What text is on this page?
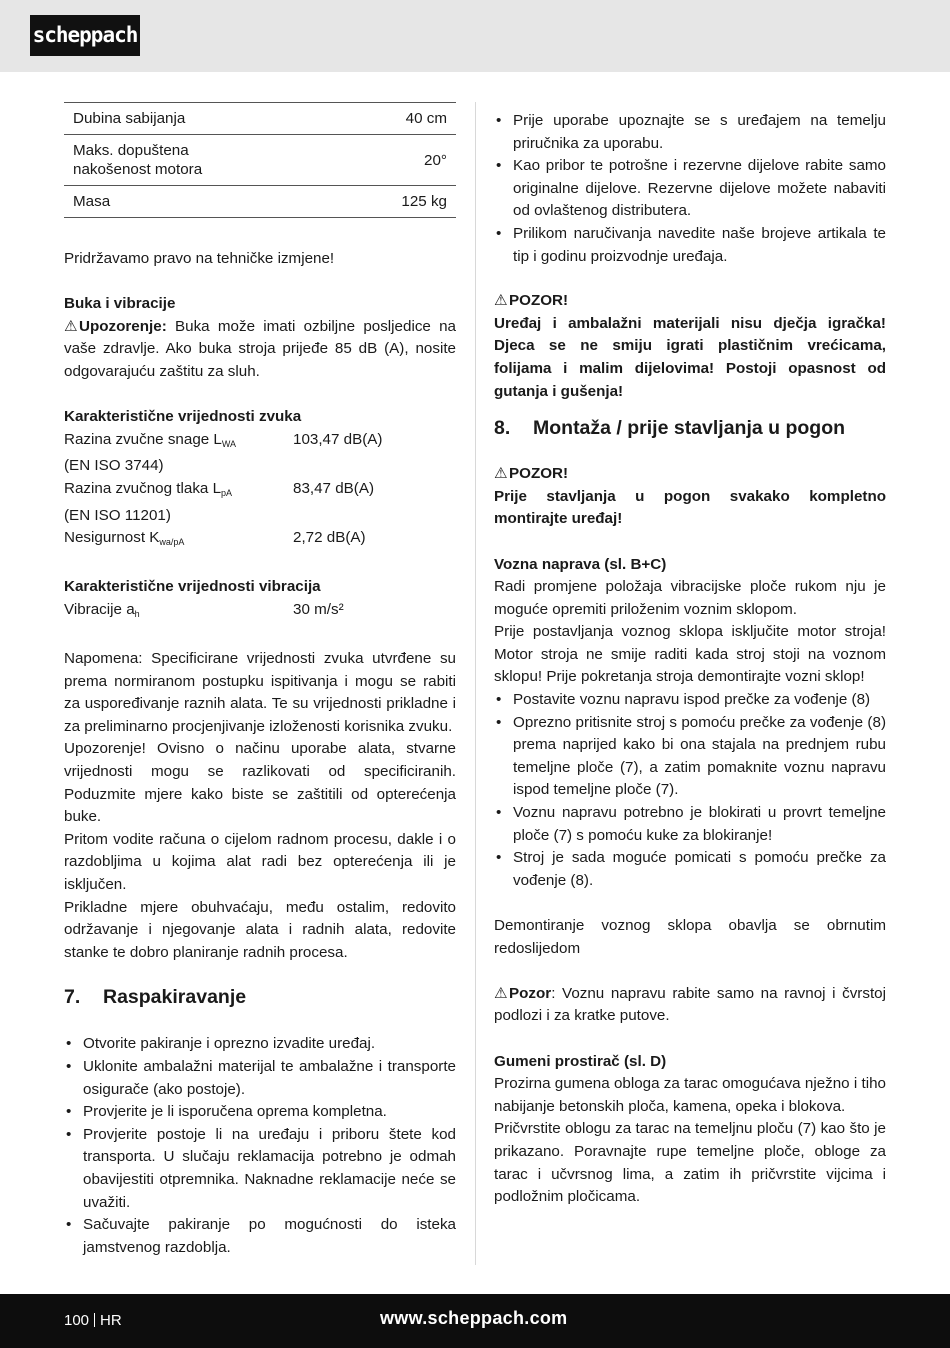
scheppach
Dubina sabijanja	40 cm
Maks. dopuštena nakošenost motora	20°
Masa	125 kg

Pridržavamo pravo na tehničke izmjene!

Buka i vibracije

⚠Upozorenje: Buka može imati ozbiljne posljedice na vaše zdravlje. Ako buka stroja prijeđe 85 dB (A), nosite odgovarajuću zaštitu za sluh.

Karakteristične vrijednosti zvuka

Razina zvučne snage $L_{WA}$	103,47 dB(A)

(EN ISO 3744)

Razina zvučnog tlaka $L_{pA}$	83,47 dB(A)

(EN ISO 11201)

Nesigurnost $K_{wa/pA}$	2,72 dB(A)

Karakteristične vrijednosti vibracija

Vibracije $a_h$	30 m/s²

Napomena: Specificirane vrijednosti zvuka utvrđene su prema normiranom postupku ispitivanja i mogu se rabiti za uspoređivanje raznih alata. Te su vrijednosti prikladne i za preliminarno procjenjivanje izloženosti korisnika zvuku.

Upozorenje! Ovisno o načinu uporabe alata, stvarne vrijednosti mogu se razlikovati od specificiranih. Poduzmite mjere kako biste se zaštitili od opterećenja buke.

Pritom vodite računa o cijelom radnom procesu, dakle i o razdobljima u kojima alat radi bez opterećenja ili je isključen.

Prikladne mjere obuhvaćaju, među ostalim, redovito održavanje i njegovanje alata i radnih alata, redovite stanke te dobro planiranje radnih procesa.

7. Raspakiravanje
• Otvorite pakiranje i oprezno izvadite uređaj.
• Uklonite ambalažni materijal te ambalažne i transporte osiguračе (ako postoje).
• Provjerite je li isporučena oprema kompletna.
• Provjerite postoje li na uređaju i priboru štete kod transporta. U slučaju reklamacija potrebno je odmah obavijestiti otpremnika. Naknadne reklamacije neće se uvažiti.
• Sačuvajte pakiranje po mogućnosti do isteka jamstvenog razdoblja.
• Prije uporabe upoznajte se s uređajem na temelju priručnika za uporabu.
• Kao pribor te potrošne i rezervne dijelove rabite samo originalne dijelove. Rezervne dijelove možete nabaviti od ovlaštenog distributera.
• Prilikom naručivanja navedite naše brojeve artikala te tip i godinu proizvodnje uređaja.

⚠POZOR!

Uređaj i ambalažni materijali nisu dječja igračka! Djeca se ne smiju igrati plastičnim vrećicama, folijama i malim dijelovima! Postoji opasnost od gutanja i gušenja!

8. Montaža / prije stavljanja u pogon

⚠POZOR!

Prije stavljanja u pogon svakako kompletno montirajte uređaj!

Vozna naprava (sl. B+C)

Radi promjene položaja vibracijske ploče rukom nju je moguće opremiti priloženim voznim sklopom.

Prije postavljanja voznog sklopa isključite motor stroja! Motor stroja ne smije raditi kada stroj stoji na voznom sklopu! Prije pokretanja stroja demontirajte vozni sklop!

• Postavite voznu napravu ispod prečke za vođenje (8)
• Oprezno pritisnite stroj s pomoću prečke za vođenje (8) prema naprijed kako bi ona stajala na prednjem rubu temeljne ploče (7), a zatim pomaknite voznu napravu ispod temeljne ploče (7).
• Voznu napravu potrebno je blokirati u provrt temeljne ploče (7) s pomoću kuke za blokiranje!
• Stroj je sada moguće pomicati s pomoću prečke za vođenje (8).

Demontiranje voznog sklopa obavlja se obrnutim redoslijedom

⚠Pozor: Voznu napravu rabite samo na ravnoj i čvrstoj podlozi i za kratke putove.

Gumeni prostirač (sl. D)

Prozirna gumena obloga za tarac omogućava nježno i tiho nabijanje betonskih ploča, kamena, opeka i blokova.

Pričvrstite oblogu za tarac na temeljnu ploču (7) kao što je prikazano. Poravnajte rupe temeljne ploče, obloge za tarac i učvrsnog lima, a zatim ih pričvrstite vijcima i podložnim pločicama.

100 HR	www.scheppach.com
